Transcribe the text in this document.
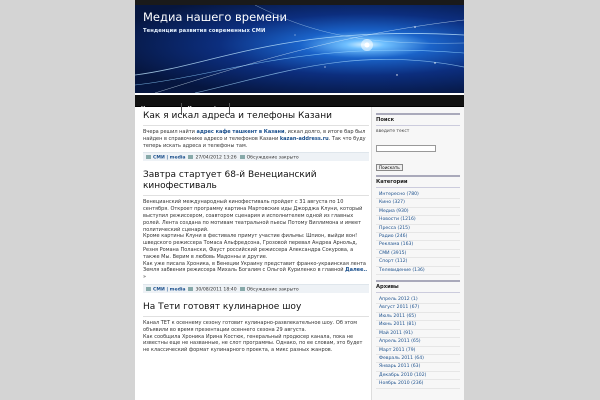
Медиа нашего времени
Тенденции развития современных СМИ
На главную	Карта сайта
Как я искал адреса и телефоны Казани

Вчера решил найти адрес кафе ташкент в Казани, искал долго, в итоге бар был найден в справочнике адресо и телефонов Казани kazan-address.ru. Так что буду теперь искать адреса и телефоны там.

СМИ | media 27/04/2012 13:26 Обсуждение закрыто
Завтра стартует 68-й Венецианский кинофестиваль

Венецианский международный кинофестиваль пройдет с 31 августа по 10 сентября. Откроет программу картина Мартовские иды Джорджа Клуни, который выступил режиссером, соавтором сценария и исполнителем одной из главных ролей. Лента создана по мотивам театральной пьесы Потому Виллимона и имеет политический сценарий.

Кроме картины Клуни в фестивале примут участие фильмы: Шпион, выйди вон! шведского режиссера Томаса Альфредсона, Грозовой перевал Андреа Арнольд, Резня Романа Полански, Фауст российский режиссера Александра Сокурова, а также Мы. Верим в любовь Мадонны и другие.

Как уже писала Хроника, в Венеции Украину представит франко-украинская лента Земля забвения режиссера Михаль Богалим с Ольгой Куриленко в главной Далее.. »

СМИ | media 30/08/2011 18:40 Обсуждение закрыто
На Тети готовят кулинарное шоу

Канал ТЕТ к осеннему сезону готовит кулинарно-развлекательное шоу. Об этом объявили во время презентации осеннего сезона 29 августа.

Как сообщила Хроника Ирина Костюк, генеральный продюсер канала, пока не известны еще не названные, не слот программы. Однако, по ее словам, это будет не классический формат кулинарного проекта, а микс разных жанров.

Поиск
введите текст
Поискать
Категории
Интересно (780)
Кино (327)
Медиа (930)
Новости (1216)
Пресса (215)
Радио (246)
Реклама (163)
СМИ (3915)
Спорт (112)
Телевидение (136)
Архивы
Апрель 2012 (1)
Август 2011 (67)
Июль 2011 (65)
Июнь 2011 (81)
Май 2011 (91)
Апрель 2011 (65)
Март 2011 (79)
Февраль 2011 (64)
Январь 2011 (63)
Декабрь 2010 (102)
Ноябрь 2010 (236)
